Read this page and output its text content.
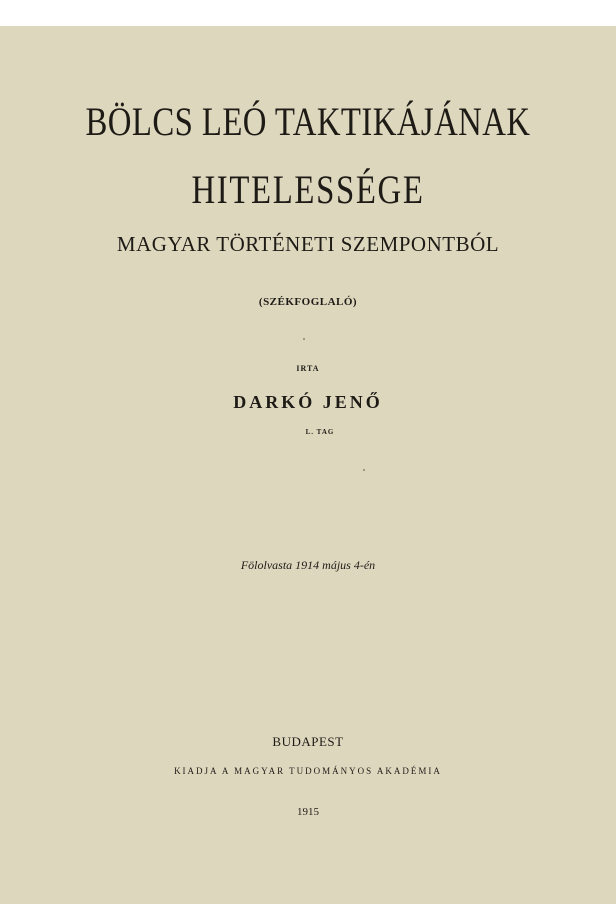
BÖLCS LEÓ TAKTIKÁJÁNAK
HITELESSÉGE
MAGYAR TÖRTÉNETI SZEMPONTBÓL
(SZÉKFOGLALÓ)
IRTA
DARKÓ JENŐ
L. TAG
Fölolvasta 1914 május 4-én
BUDAPEST
KIADJA A MAGYAR TUDOMÁNYOS AKADÉMIA
1915
